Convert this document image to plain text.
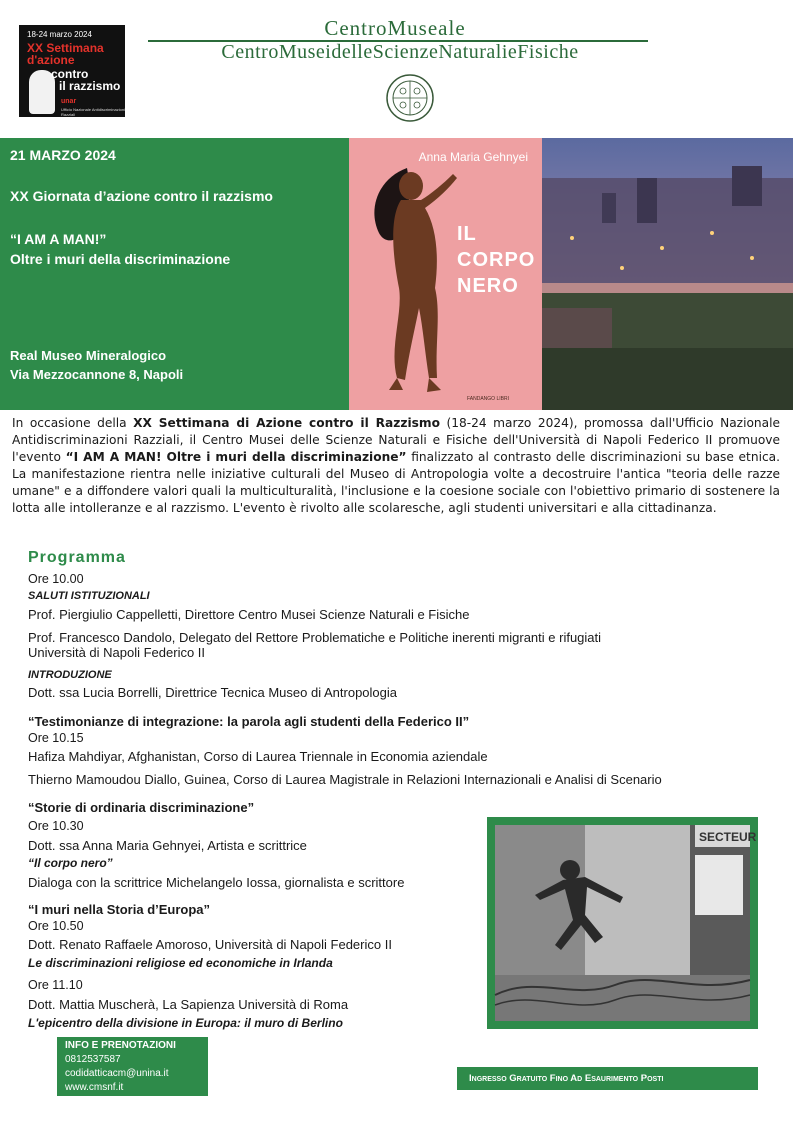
18-24 marzo 2024
XX Settimana
d'azione
contro
il razzismo
unar
Ufficio Nazionale Antidiscriminazioni Razziali
CentroMuseale
CentroMuseidelleScienzeNaturalieFisiche
21 MARZO 2024
XX Giornata d’azione contro il razzismo
“I AM A MAN!”
Oltre i muri della discriminazione
Real Museo Mineralogico
Via Mezzocannone 8, Napoli
Anna Maria Gehnyei
IL
CORPO
NERO
FANDANGO LIBRI
In occasione della XX Settimana di Azione contro il Razzismo (18-24 marzo 2024), promossa dall'Ufficio Nazionale Antidiscriminazioni Razziali, il Centro Musei delle Scienze Naturali e Fisiche dell'Università di Napoli Federico II promuove l'evento “I AM A MAN! Oltre i muri della discriminazione” finalizzato al contrasto delle discriminazioni su base etnica. La manifestazione rientra nelle iniziative culturali del Museo di Antropologia volte a decostruire l'antica "teoria delle razze umane" e a diffondere valori quali la multiculturalità, l'inclusione e la coesione sociale con l'obiettivo primario di sostenere la lotta alle intolleranze e al razzismo. L'evento è rivolto alle scolaresche, agli studenti universitari e alla cittadinanza.
Programma
Ore 10.00
SALUTI ISTITUZIONALI
Prof. Piergiulio Cappelletti, Direttore Centro Musei Scienze Naturali e Fisiche
Prof. Francesco Dandolo, Delegato del Rettore Problematiche e Politiche inerenti migranti e rifugiati
Università di Napoli Federico II
INTRODUZIONE
Dott. ssa Lucia Borrelli, Direttrice Tecnica Museo di Antropologia
“Testimonianze di integrazione: la parola agli studenti della Federico II”
Ore 10.15
Hafiza Mahdiyar, Afghanistan, Corso di Laurea Triennale in Economia aziendale
Thierno Mamoudou Diallo, Guinea, Corso di Laurea Magistrale in Relazioni Internazionali e Analisi di Scenario
“Storie di ordinaria discriminazione”
Ore 10.30
Dott. ssa Anna Maria Gehnyei, Artista e scrittrice
“Il corpo nero”
Dialoga con la scrittrice Michelangelo Iossa, giornalista e scrittore
“I muri nella Storia d’Europa”
Ore 10.50
Dott. Renato Raffaele Amoroso, Università di Napoli Federico II
Le discriminazioni religiose ed economiche in Irlanda
Ore 11.10
Dott. Mattia Muscherà, La Sapienza Università di Roma
L'epicentro della divisione in Europa: il muro di Berlino
SECTEUR
INFO E PRENOTAZIONI
0812537587
codidatticacm@unina.it
www.cmsnf.it
Ingresso Gratuito Fino Ad Esaurimento Posti
